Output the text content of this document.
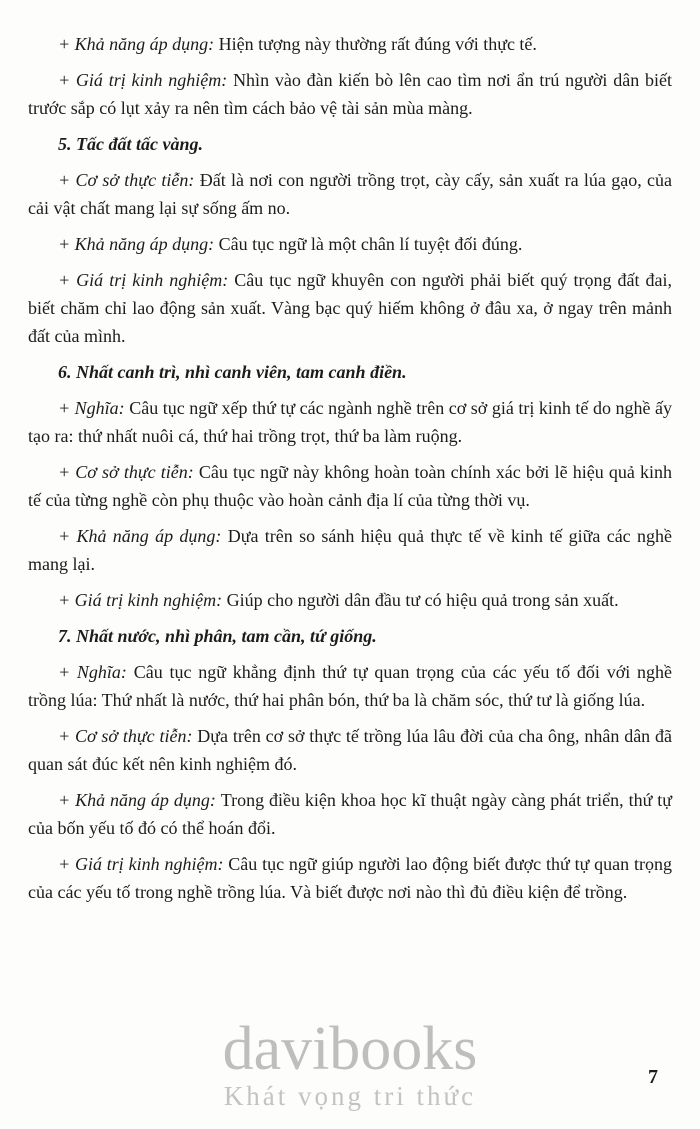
+ Khả năng áp dụng: Hiện tượng này thường rất đúng với thực tế.

+ Giá trị kinh nghiệm: Nhìn vào đàn kiến bò lên cao tìm nơi ẩn trú người dân biết trước sắp có lụt xảy ra nên tìm cách bảo vệ tài sản mùa màng.

5. Tấc đất tấc vàng.

+ Cơ sở thực tiễn: Đất là nơi con người trồng trọt, cày cấy, sản xuất ra lúa gạo, của cải vật chất mang lại sự sống ấm no.

+ Khả năng áp dụng: Câu tục ngữ là một chân lí tuyệt đối đúng.

+ Giá trị kinh nghiệm: Câu tục ngữ khuyên con người phải biết quý trọng đất đai, biết chăm chỉ lao động sản xuất. Vàng bạc quý hiếm không ở đâu xa, ở ngay trên mảnh đất của mình.

6. Nhất canh trì, nhì canh viên, tam canh điền.

+ Nghĩa: Câu tục ngữ xếp thứ tự các ngành nghề trên cơ sở giá trị kinh tế do nghề ấy tạo ra: thứ nhất nuôi cá, thứ hai trồng trọt, thứ ba làm ruộng.

+ Cơ sở thực tiễn: Câu tục ngữ này không hoàn toàn chính xác bởi lẽ hiệu quả kinh tế của từng nghề còn phụ thuộc vào hoàn cảnh địa lí của từng thời vụ.

+ Khả năng áp dụng: Dựa trên so sánh hiệu quả thực tế về kinh tế giữa các nghề mang lại.

+ Giá trị kinh nghiệm: Giúp cho người dân đầu tư có hiệu quả trong sản xuất.

7. Nhất nước, nhì phân, tam cần, tứ giống.

+ Nghĩa: Câu tục ngữ khẳng định thứ tự quan trọng của các yếu tố đối với nghề trồng lúa: Thứ nhất là nước, thứ hai phân bón, thứ ba là chăm sóc, thứ tư là giống lúa.

+ Cơ sở thực tiễn: Dựa trên cơ sở thực tế trồng lúa lâu đời của cha ông, nhân dân đã quan sát đúc kết nên kinh nghiệm đó.

+ Khả năng áp dụng: Trong điều kiện khoa học kĩ thuật ngày càng phát triển, thứ tự của bốn yếu tố đó có thể hoán đổi.

+ Giá trị kinh nghiệm: Câu tục ngữ giúp người lao động biết được thứ tự quan trọng của các yếu tố trong nghề trồng lúa. Và biết được nơi nào thì đủ điều kiện để trồng.

davibooks
Khát vọng tri thức
7
